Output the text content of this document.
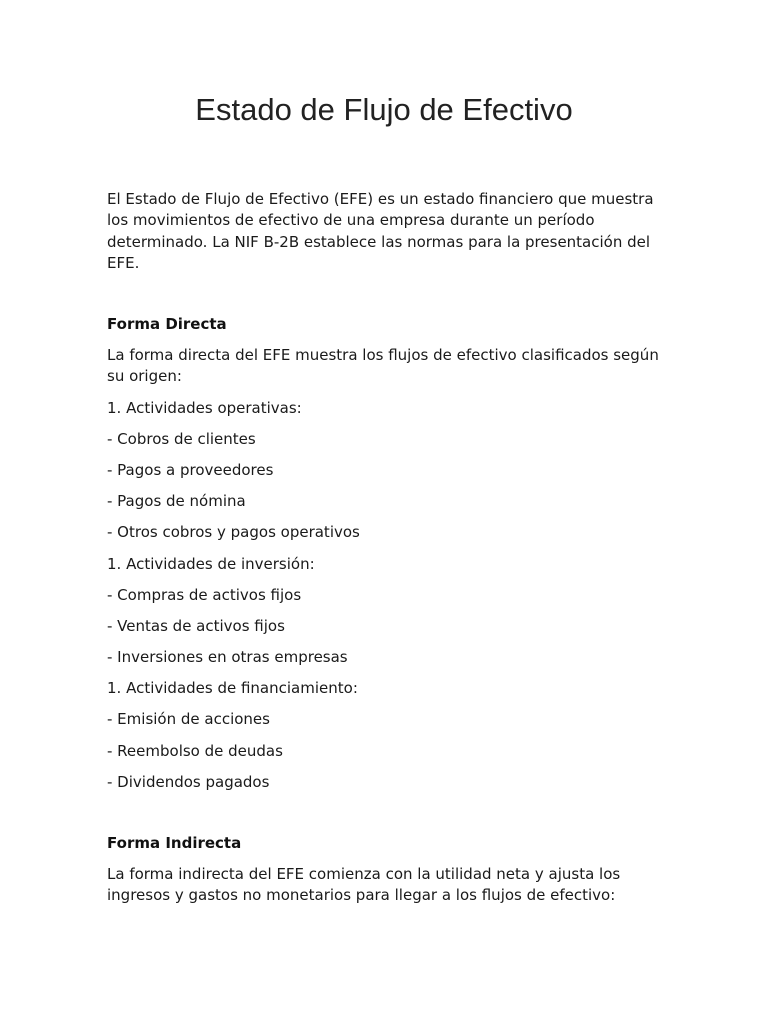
Estado de Flujo de Efectivo

El Estado de Flujo de Efectivo (EFE) es un estado financiero que muestra los movimientos de efectivo de una empresa durante un período determinado. La NIF B-2B establece las normas para la presentación del EFE.

Forma Directa

La forma directa del EFE muestra los flujos de efectivo clasificados según su origen:

1. Actividades operativas:

- Cobros de clientes

- Pagos a proveedores

- Pagos de nómina

- Otros cobros y pagos operativos

1. Actividades de inversión:

- Compras de activos fijos

- Ventas de activos fijos

- Inversiones en otras empresas

1. Actividades de financiamiento:

- Emisión de acciones

- Reembolso de deudas

- Dividendos pagados

Forma Indirecta

La forma indirecta del EFE comienza con la utilidad neta y ajusta los ingresos y gastos no monetarios para llegar a los flujos de efectivo:
